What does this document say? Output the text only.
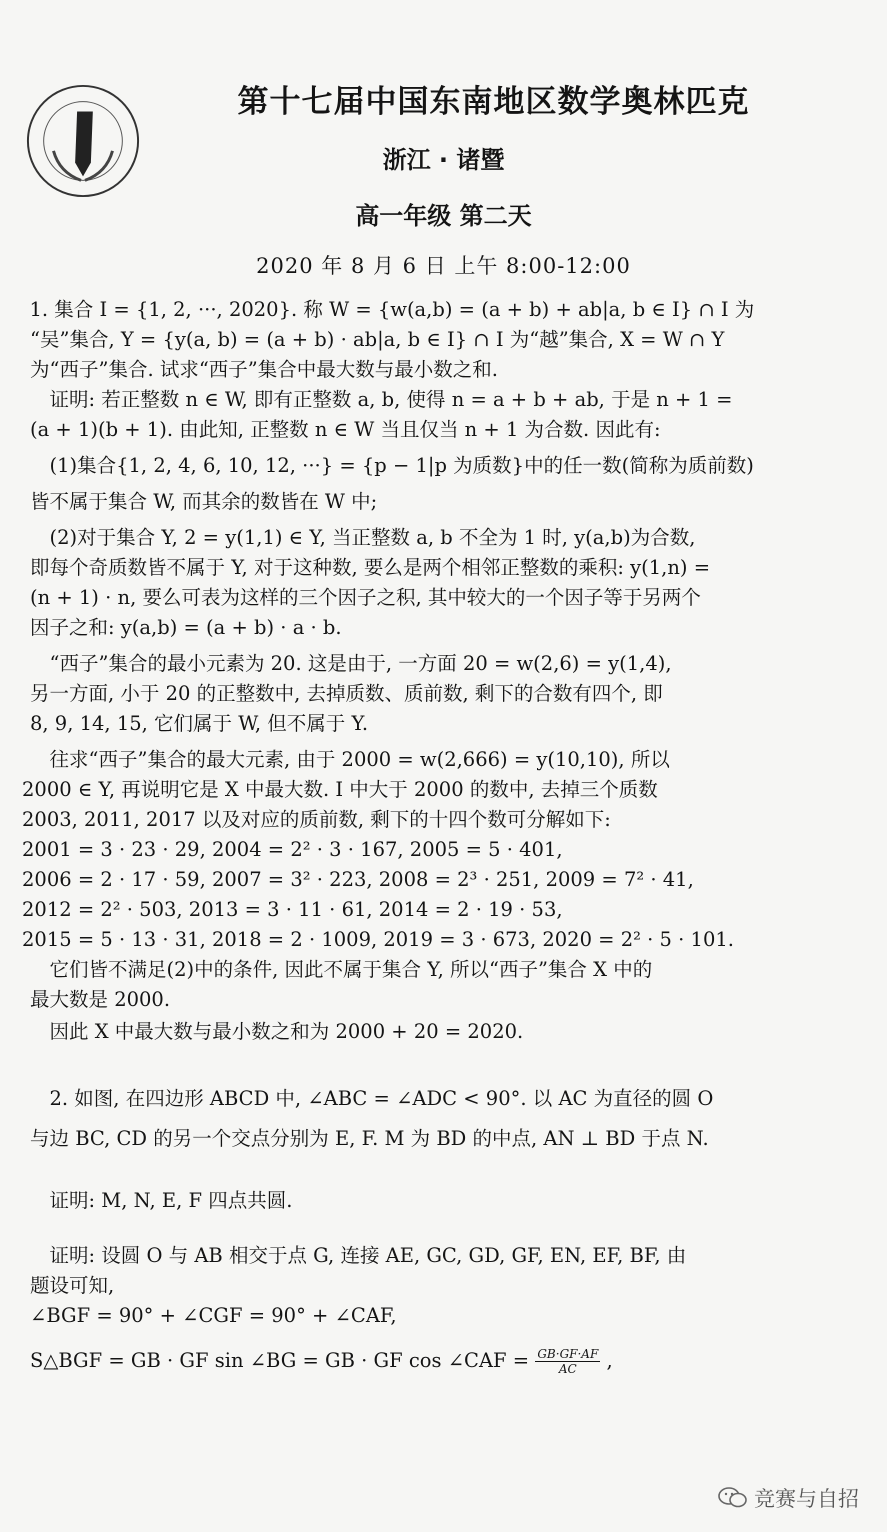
第十七届中国东南地区数学奥林匹克
浙江 · 诸暨
高一年级 第二天
2020 年 8 月 6 日 上午 8:00-12:00
　1. 集合 I = {1, 2, ···, 2020}. 称 W = {w(a,b) = (a + b) + ab|a, b ∈ I} ∩ I 为
“吴”集合, Y = {y(a, b) = (a + b) · ab|a, b ∈ I} ∩ I 为“越”集合, X = W ∩ Y
为“西子”集合. 试求“西子”集合中最大数与最小数之和.
　证明: 若正整数 n ∈ W, 即有正整数 a, b, 使得 n = a + b + ab, 于是 n + 1 =
(a + 1)(b + 1). 由此知, 正整数 n ∈ W 当且仅当 n + 1 为合数. 因此有:
　(1)集合{1, 2, 4, 6, 10, 12, ···} = {p − 1|p 为质数}中的任一数(简称为质前数)
皆不属于集合 W, 而其余的数皆在 W 中;
　(2)对于集合 Y, 2 = y(1,1) ∈ Y, 当正整数 a, b 不全为 1 时, y(a,b)为合数,
即每个奇质数皆不属于 Y, 对于这种数, 要么是两个相邻正整数的乘积: y(1,n) =
(n + 1) · n, 要么可表为这样的三个因子之积, 其中较大的一个因子等于另两个
因子之和: y(a,b) = (a + b) · a · b.
　“西子”集合的最小元素为 20. 这是由于, 一方面 20 = w(2,6) = y(1,4),
另一方面, 小于 20 的正整数中, 去掉质数、质前数, 剩下的合数有四个, 即
8, 9, 14, 15, 它们属于 W, 但不属于 Y.
　往求“西子”集合的最大元素, 由于 2000 = w(2,666) = y(10,10), 所以
2000 ∈ Y, 再说明它是 X 中最大数. I 中大于 2000 的数中, 去掉三个质数
2003, 2011, 2017 以及对应的质前数, 剩下的十四个数可分解如下:
2001 = 3 · 23 · 29, 2004 = 2² · 3 · 167, 2005 = 5 · 401,
2006 = 2 · 17 · 59, 2007 = 3² · 223, 2008 = 2³ · 251, 2009 = 7² · 41,
2012 = 2² · 503, 2013 = 3 · 11 · 61, 2014 = 2 · 19 · 53,
2015 = 5 · 13 · 31, 2018 = 2 · 1009, 2019 = 3 · 673, 2020 = 2² · 5 · 101.
　它们皆不满足(2)中的条件, 因此不属于集合 Y, 所以“西子”集合 X 中的
最大数是 2000.
　因此 X 中最大数与最小数之和为 2000 + 20 = 2020.
　2. 如图, 在四边形 ABCD 中, ∠ABC = ∠ADC < 90°. 以 AC 为直径的圆 O
与边 BC, CD 的另一个交点分别为 E, F. M 为 BD 的中点, AN ⊥ BD 于点 N.
　证明: M, N, E, F 四点共圆.
　证明: 设圆 O 与 AB 相交于点 G, 连接 AE, GC, GD, GF, EN, EF, BF, 由
题设可知,
∠BGF = 90° + ∠CGF = 90° + ∠CAF,
S△BGF = GB · GF sin ∠BG = GB · GF cos ∠CAF = $\frac{GB\cdot GF\cdot AF}{AC}$ ,
竞赛与自招
